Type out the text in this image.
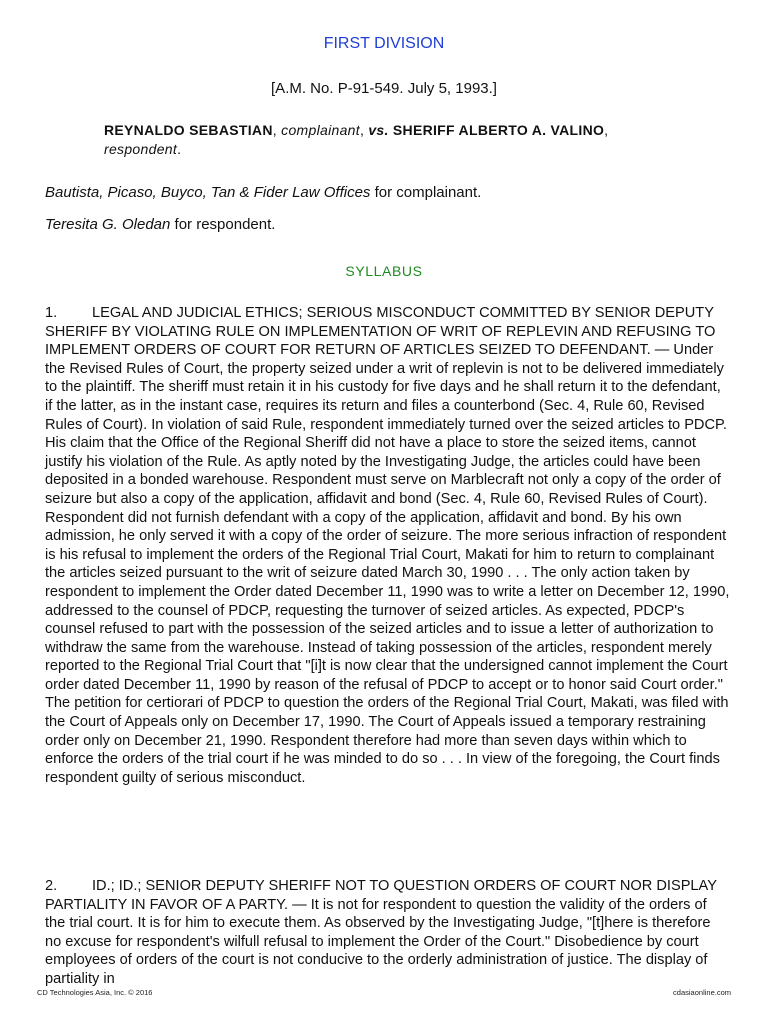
FIRST DIVISION
[A.M. No. P-91-549. July 5, 1993.]
REYNALDO SEBASTIAN, complainant, vs. SHERIFF ALBERTO A. VALINO, respondent.
Bautista, Picaso, Buyco, Tan & Fider Law Offices for complainant.
Teresita G. Oledan for respondent.
SYLLABUS
1. LEGAL AND JUDICIAL ETHICS; SERIOUS MISCONDUCT COMMITTED BY SENIOR DEPUTY SHERIFF BY VIOLATING RULE ON IMPLEMENTATION OF WRIT OF REPLEVIN AND REFUSING TO IMPLEMENT ORDERS OF COURT FOR RETURN OF ARTICLES SEIZED TO DEFENDANT. — Under the Revised Rules of Court, the property seized under a writ of replevin is not to be delivered immediately to the plaintiff. The sheriff must retain it in his custody for five days and he shall return it to the defendant, if the latter, as in the instant case, requires its return and files a counterbond (Sec. 4, Rule 60, Revised Rules of Court). In violation of said Rule, respondent immediately turned over the seized articles to PDCP. His claim that the Office of the Regional Sheriff did not have a place to store the seized items, cannot justify his violation of the Rule. As aptly noted by the Investigating Judge, the articles could have been deposited in a bonded warehouse. Respondent must serve on Marblecraft not only a copy of the order of seizure but also a copy of the application, affidavit and bond (Sec. 4, Rule 60, Revised Rules of Court). Respondent did not furnish defendant with a copy of the application, affidavit and bond. By his own admission, he only served it with a copy of the order of seizure. The more serious infraction of respondent is his refusal to implement the orders of the Regional Trial Court, Makati for him to return to complainant the articles seized pursuant to the writ of seizure dated March 30, 1990 . . . The only action taken by respondent to implement the Order dated December 11, 1990 was to write a letter on December 12, 1990, addressed to the counsel of PDCP, requesting the turnover of seized articles. As expected, PDCP's counsel refused to part with the possession of the seized articles and to issue a letter of authorization to withdraw the same from the warehouse. Instead of taking possession of the articles, respondent merely reported to the Regional Trial Court that "[i]t is now clear that the undersigned cannot implement the Court order dated December 11, 1990 by reason of the refusal of PDCP to accept or to honor said Court order." The petition for certiorari of PDCP to question the orders of the Regional Trial Court, Makati, was filed with the Court of Appeals only on December 17, 1990. The Court of Appeals issued a temporary restraining order only on December 21, 1990. Respondent therefore had more than seven days within which to enforce the orders of the trial court if he was minded to do so . . . In view of the foregoing, the Court finds respondent guilty of serious misconduct.
2. ID.; ID.; SENIOR DEPUTY SHERIFF NOT TO QUESTION ORDERS OF COURT NOR DISPLAY PARTIALITY IN FAVOR OF A PARTY. — It is not for respondent to question the validity of the orders of the trial court. It is for him to execute them. As observed by the Investigating Judge, "[t]here is therefore no excuse for respondent's wilfull refusal to implement the Order of the Court." Disobedience by court employees of orders of the court is not conducive to the orderly administration of justice. The display of partiality in
CD Technologies Asia, Inc. © 2016	cdasiaonline.com
